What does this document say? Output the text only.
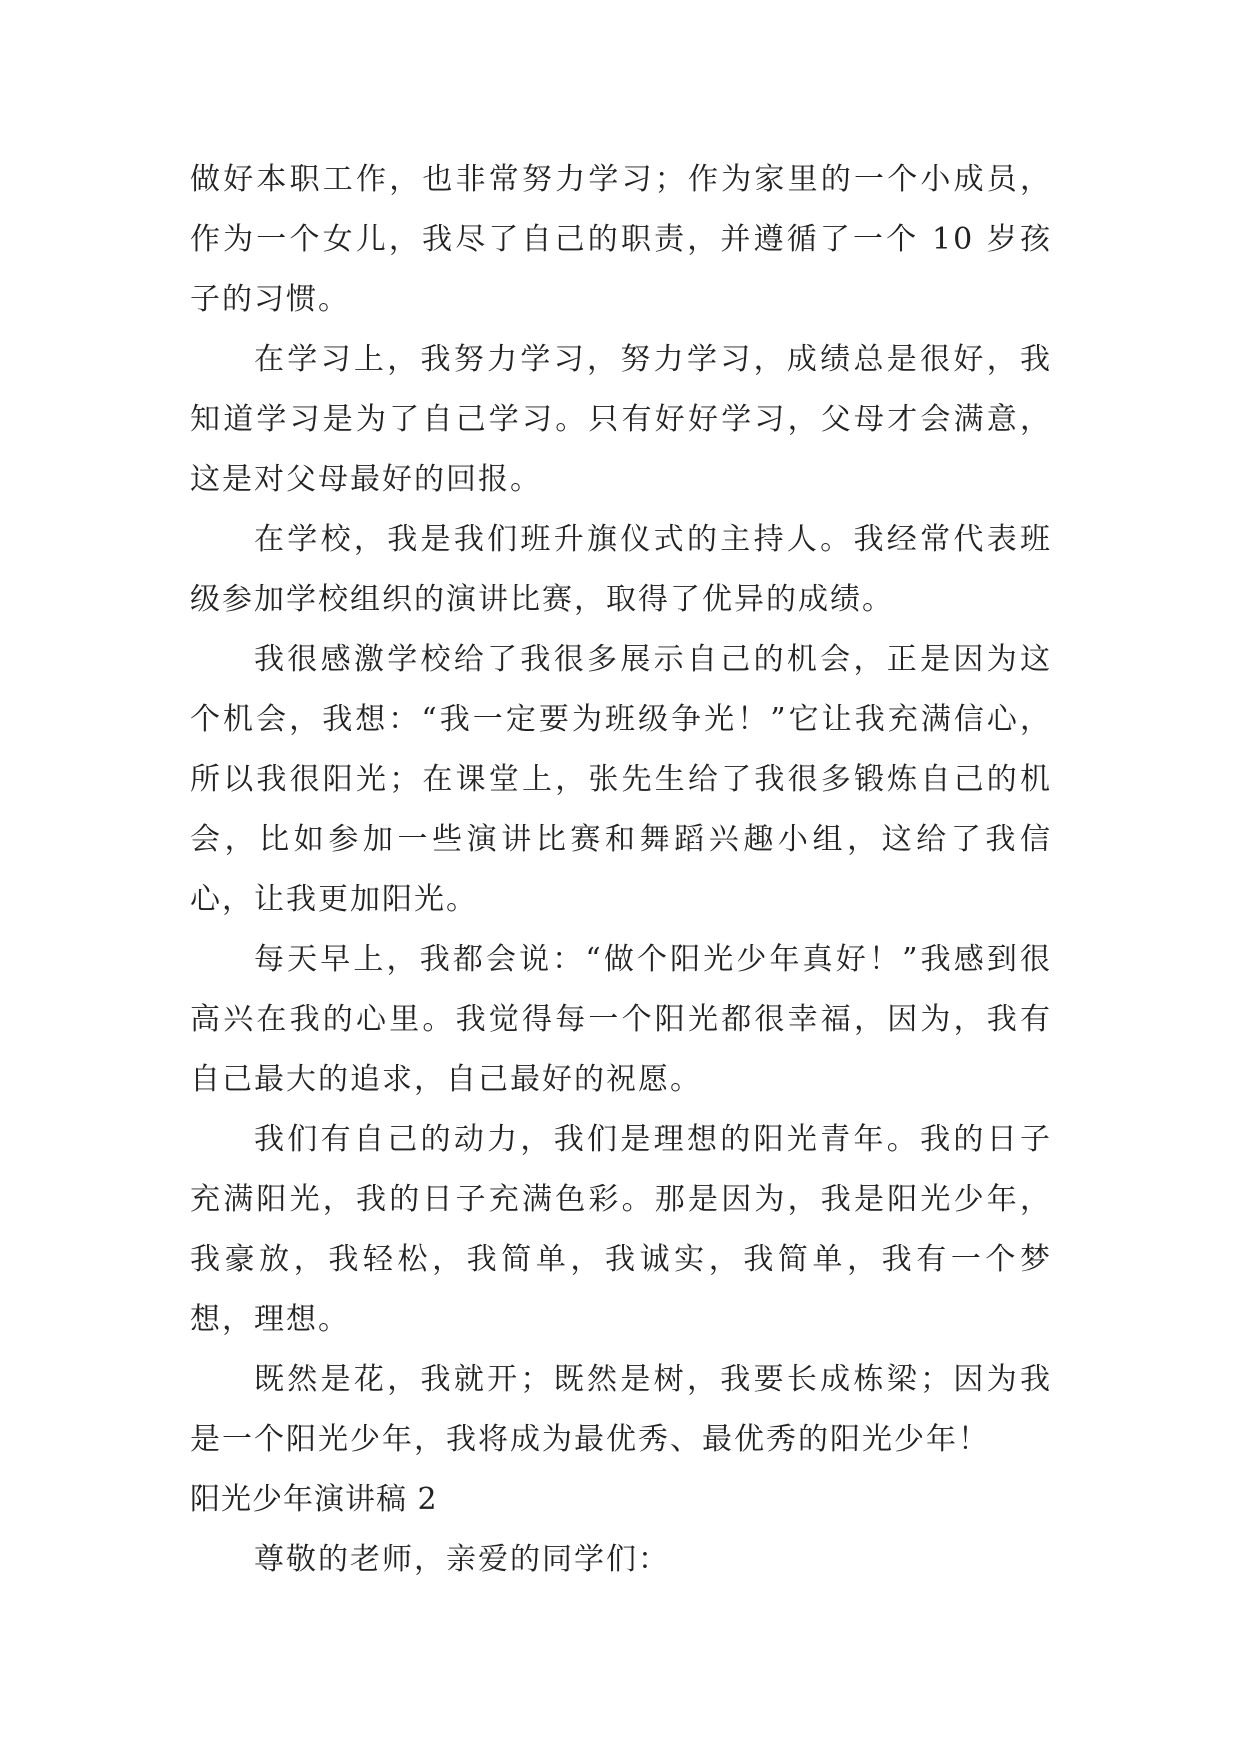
做好本职工作，也非常努力学习；作为家里的一个小成员，作为一个女儿，我尽了自己的职责，并遵循了一个 10 岁孩子的习惯。

在学习上，我努力学习，努力学习，成绩总是很好，我知道学习是为了自己学习。只有好好学习，父母才会满意，这是对父母最好的回报。

在学校，我是我们班升旗仪式的主持人。我经常代表班级参加学校组织的演讲比赛，取得了优异的成绩。

我很感激学校给了我很多展示自己的机会，正是因为这个机会，我想：“我一定要为班级争光！”它让我充满信心，所以我很阳光；在课堂上，张先生给了我很多锻炼自己的机会，比如参加一些演讲比赛和舞蹈兴趣小组，这给了我信心，让我更加阳光。

每天早上，我都会说：“做个阳光少年真好！”我感到很高兴在我的心里。我觉得每一个阳光都很幸福，因为，我有自己最大的追求，自己最好的祝愿。

我们有自己的动力，我们是理想的阳光青年。我的日子充满阳光，我的日子充满色彩。那是因为，我是阳光少年，我豪放，我轻松，我简单，我诚实，我简单，我有一个梦想，理想。

既然是花，我就开；既然是树，我要长成栋梁；因为我是一个阳光少年，我将成为最优秀、最优秀的阳光少年！

阳光少年演讲稿 2

尊敬的老师，亲爱的同学们：
